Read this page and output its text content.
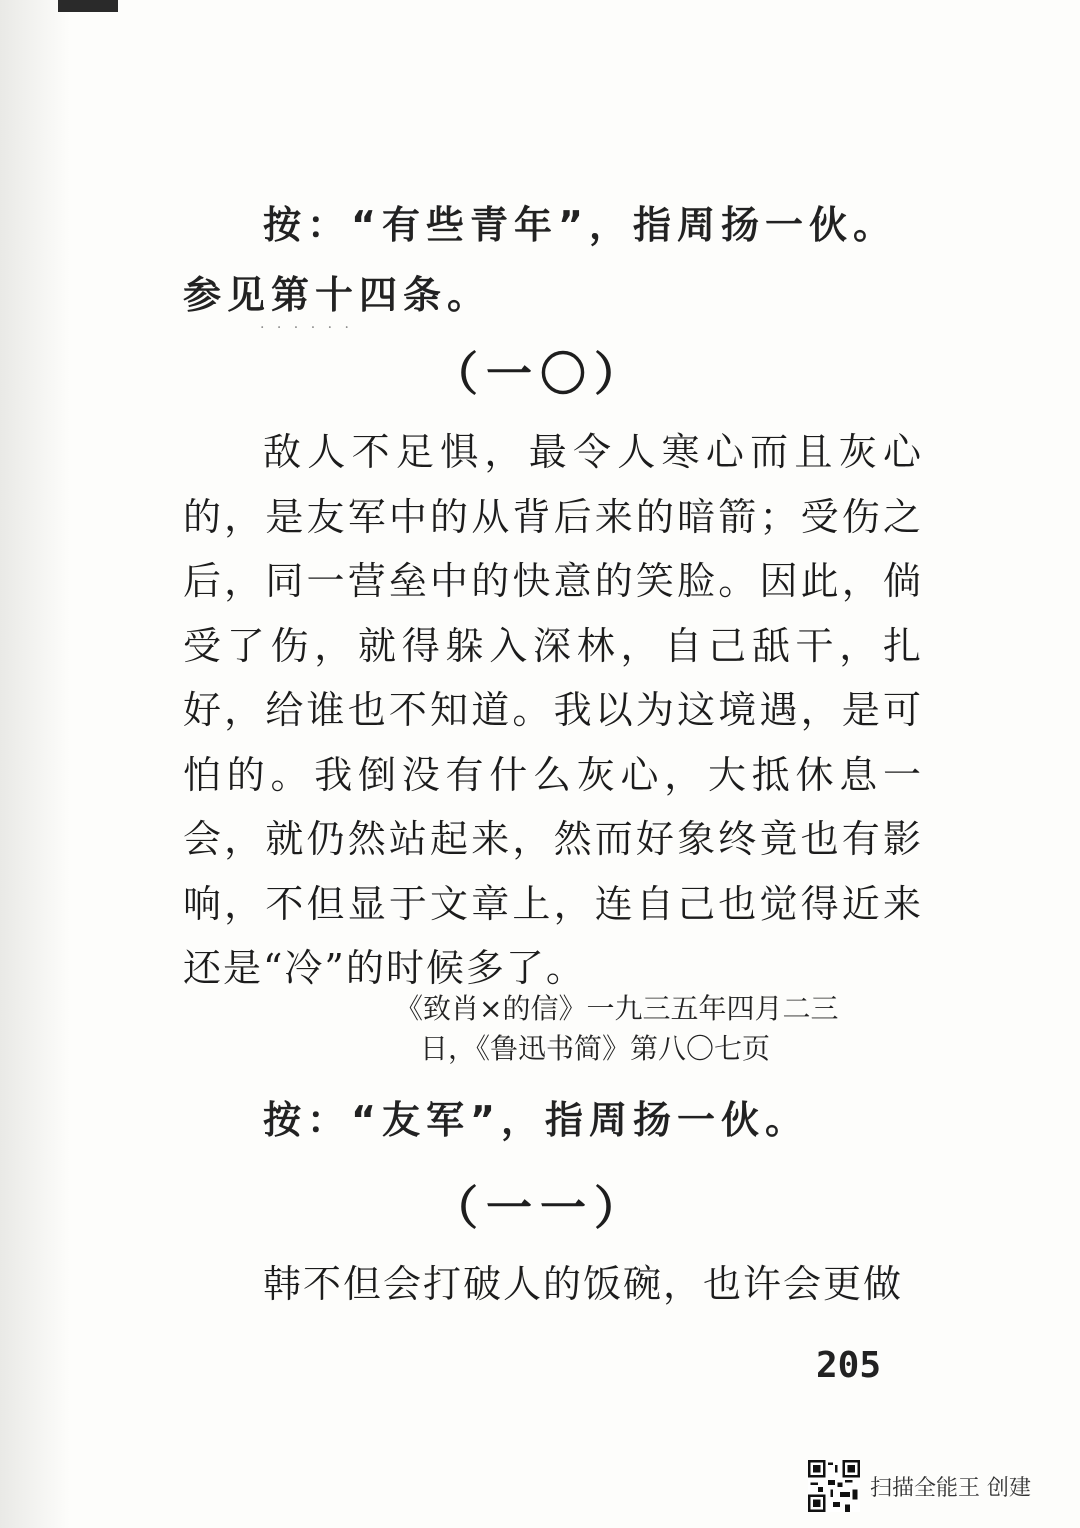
按：“有些青年”，指周扬一伙。参见第十四条。
· · · · · ·
（一〇）
敌人不足惧，最令人寒心而且灰心的，是友军中的从背后来的暗箭；受伤之后，同一营垒中的快意的笑脸。因此，倘受了伤，就得躲入深林，自己舐干，扎好，给谁也不知道。我以为这境遇，是可怕的。我倒没有什么灰心，大抵休息一会，就仍然站起来，然而好象终竟也有影响，不但显于文章上，连自己也觉得近来还是“冷”的时候多了。
《致肖×的信》一九三五年四月二三
日，《鲁迅书简》第八〇七页
按：“友军”，指周扬一伙。
（一一）
韩不但会打破人的饭碗，也许会更做
205
扫描全能王 创建
